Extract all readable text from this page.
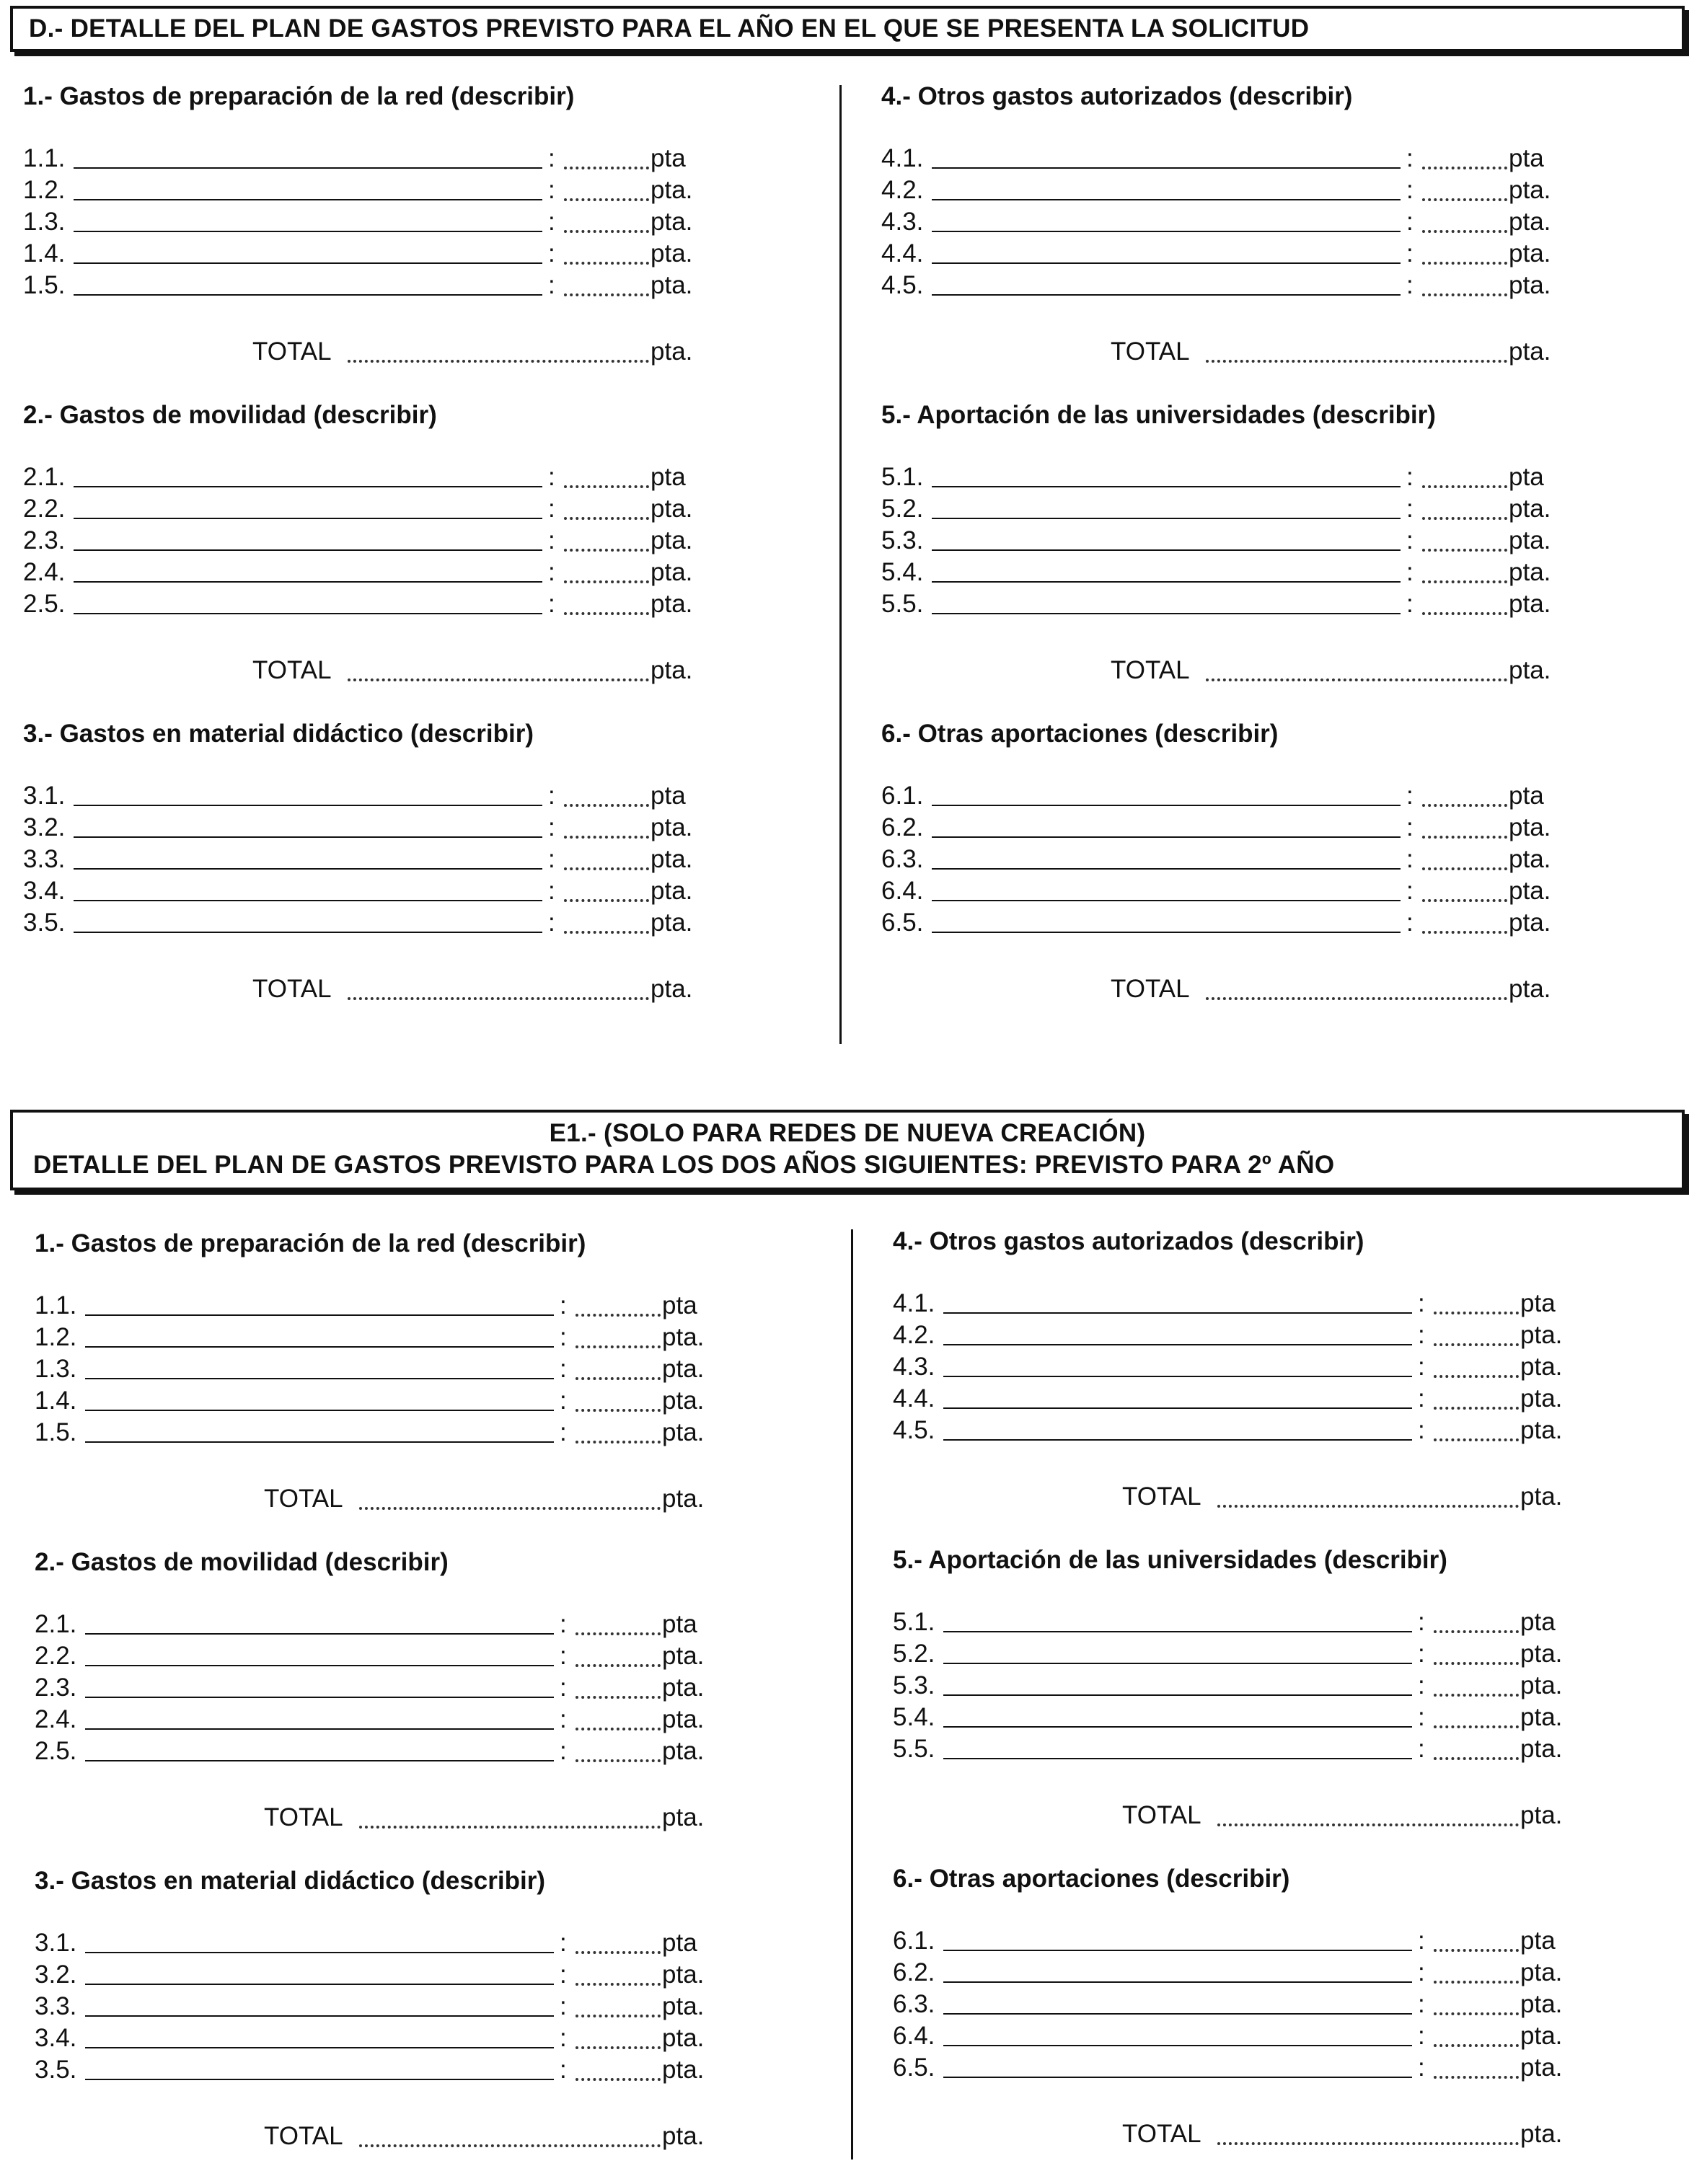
D.- DETALLE DEL PLAN DE GASTOS PREVISTO PARA EL AÑO EN EL QUE SE PRESENTA LA SOLICITUD
1.- Gastos de preparación de la red (describir)
1.1.	:	pta
1.2.	:	pta.
1.3.	:	pta.
1.4.	:	pta.
1.5.	:	pta.
TOTAL	pta.
2.- Gastos de movilidad (describir)
2.1.	:	pta
2.2.	:	pta.
2.3.	:	pta.
2.4.	:	pta.
2.5.	:	pta.
TOTAL	pta.
3.- Gastos en material didáctico (describir)
3.1.	:	pta
3.2.	:	pta.
3.3.	:	pta.
3.4.	:	pta.
3.5.	:	pta.
TOTAL	pta.
4.- Otros gastos autorizados (describir)
4.1.	:	pta
4.2.	:	pta.
4.3.	:	pta.
4.4.	:	pta.
4.5.	:	pta.
TOTAL	pta.
5.- Aportación de las universidades (describir)
5.1.	:	pta
5.2.	:	pta.
5.3.	:	pta.
5.4.	:	pta.
5.5.	:	pta.
TOTAL	pta.
6.- Otras aportaciones (describir)
6.1.	:	pta
6.2.	:	pta.
6.3.	:	pta.
6.4.	:	pta.
6.5.	:	pta.
TOTAL	pta.
E1.- (SOLO PARA REDES DE NUEVA CREACIÓN)
DETALLE DEL PLAN DE GASTOS PREVISTO PARA LOS DOS AÑOS SIGUIENTES: PREVISTO PARA 2º AÑO
1.- Gastos de preparación de la red (describir)
1.1.	:	pta
1.2.	:	pta.
1.3.	:	pta.
1.4.	:	pta.
1.5.	:	pta.
TOTAL	pta.
2.- Gastos de movilidad (describir)
2.1.	:	pta
2.2.	:	pta.
2.3.	:	pta.
2.4.	:	pta.
2.5.	:	pta.
TOTAL	pta.
3.- Gastos en material didáctico (describir)
3.1.	:	pta
3.2.	:	pta.
3.3.	:	pta.
3.4.	:	pta.
3.5.	:	pta.
TOTAL	pta.
4.- Otros gastos autorizados (describir)
4.1.	:	pta
4.2.	:	pta.
4.3.	:	pta.
4.4.	:	pta.
4.5.	:	pta.
TOTAL	pta.
5.- Aportación de las universidades (describir)
5.1.	:	pta
5.2.	:	pta.
5.3.	:	pta.
5.4.	:	pta.
5.5.	:	pta.
TOTAL	pta.
6.- Otras aportaciones (describir)
6.1.	:	pta
6.2.	:	pta.
6.3.	:	pta.
6.4.	:	pta.
6.5.	:	pta.
TOTAL	pta.
